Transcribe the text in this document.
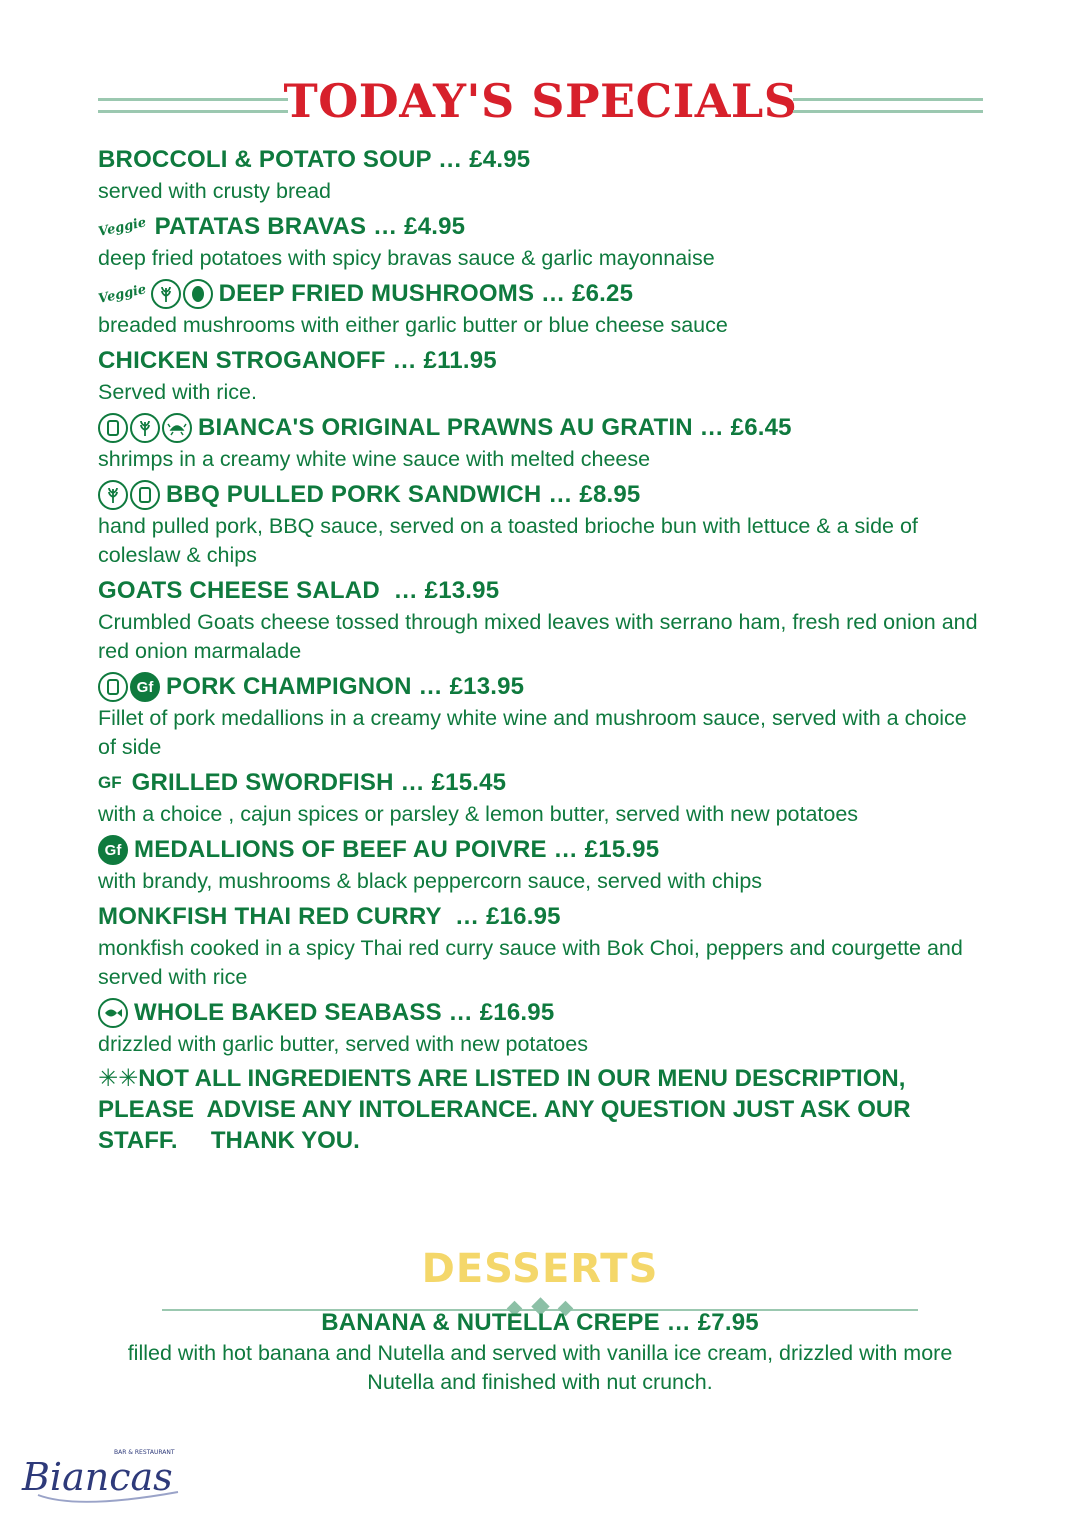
TODAY'S SPECIALS
BROCCOLI & POTATO SOUP … £4.95
served with crusty bread
Veggie PATATAS BRAVAS … £4.95
deep fried potatoes with spicy bravas sauce & garlic mayonnaise
Veggie	DEEP FRIED MUSHROOMS … £6.25
breaded mushrooms with either garlic butter or blue cheese sauce
CHICKEN STROGANOFF … £11.95
Served with rice.
BIANCA'S ORIGINAL PRAWNS AU GRATIN … £6.45
shrimps in a creamy white wine sauce with melted cheese
BBQ PULLED PORK SANDWICH … £8.95
hand pulled pork, BBQ sauce, served on a toasted brioche bun with lettuce & a side of coleslaw & chips
GOATS CHEESE SALAD  … £13.95
Crumbled Goats cheese tossed through mixed leaves with serrano ham, fresh red onion and red onion marmalade
Gf PORK CHAMPIGNON … £13.95
Fillet of pork medallions in a creamy white wine and mushroom sauce, served with a choice of side
GF GRILLED SWORDFISH … £15.45
with a choice , cajun spices or parsley & lemon butter, served with new potatoes
Gf MEDALLIONS OF BEEF AU POIVRE … £15.95
with brandy, mushrooms & black peppercorn sauce, served with chips
MONKFISH THAI RED CURRY  … £16.95
monkfish cooked in a spicy Thai red curry sauce with Bok Choi, peppers and courgette and served with rice
WHOLE BAKED SEABASS … £16.95
drizzled with garlic butter, served with new potatoes
✳✳NOT ALL INGREDIENTS ARE LISTED IN OUR MENU DESCRIPTION, PLEASE  ADVISE ANY INTOLERANCE. ANY QUESTION JUST ASK OUR STAFF.     THANK YOU.
DESSERTS
BANANA & NUTELLA CREPE … £7.95
filled with hot banana and Nutella and served with vanilla ice cream, drizzled with more Nutella and finished with nut crunch.
Biancas
BAR & RESTAURANT
